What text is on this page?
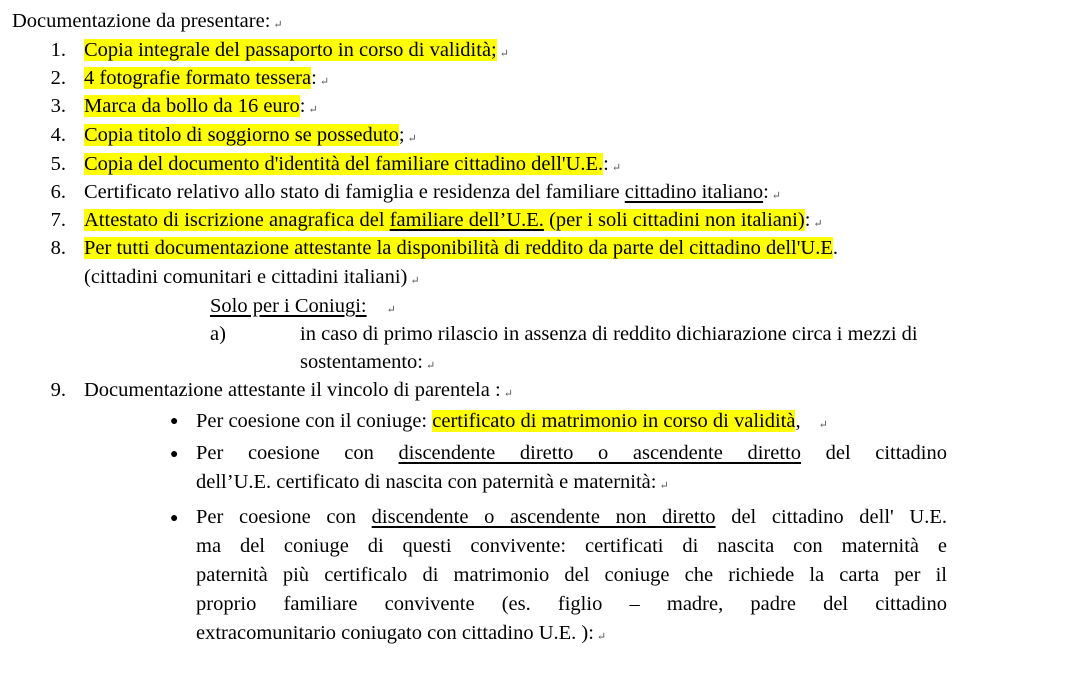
Documentazione da presentare: ↵
1. Copia integrale del passaporto in corso di validità; ↵
2. 4 fotografie formato tessera: ↵
3. Marca da bollo da 16 euro: ↵
4. Copia titolo di soggiorno se posseduto; ↵
5. Copia del documento d'identità del familiare cittadino dell'U.E.: ↵
6. Certificato relativo allo stato di famiglia e residenza del familiare cittadino italiano: ↵
7. Attestato di iscrizione anagrafica del familiare dell’U.E. (per i soli cittadini non italiani): ↵
8. Per tutti documentazione attestante la disponibilità di reddito da parte del cittadino dell'U.E.
(cittadini comunitari e cittadini italiani) ↵
Solo per i Coniugi: ↵
a)	in caso di primo rilascio in assenza di reddito dichiarazione circa i mezzi di
sostentamento: ↵
9. Documentazione attestante il vincolo di parentela : ↵
● Per coesione con il coniuge: certificato di matrimonio in corso di validità, ↵
● Per coesione con discendente diretto o ascendente diretto del cittadino
dell’U.E. certificato di nascita con paternità e maternità: ↵
● Per coesione con discendente o ascendente non diretto del cittadino dell' U.E.
ma del coniuge di questi convivente: certificati di nascita con maternità e
paternità più certificalo di matrimonio del coniuge che richiede la carta per il
proprio familiare convivente (es. figlio – madre, padre del cittadino
extracomunitario coniugato con cittadino U.E. ): ↵
